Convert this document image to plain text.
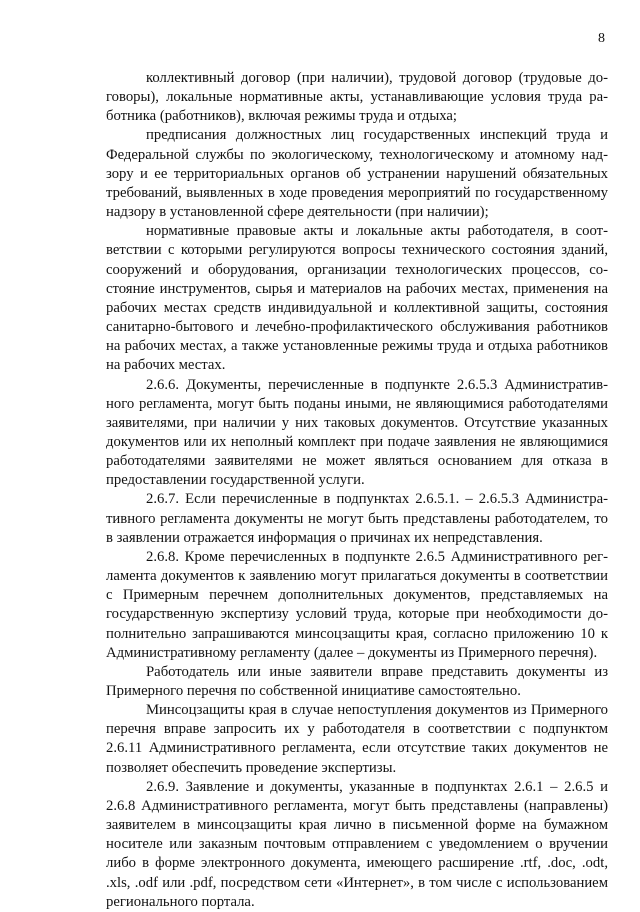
8

коллективный договор (при наличии), трудовой договор (трудовые договоры), локальные нормативные акты, устанавливающие условия труда работника (работников), включая режимы труда и отдыха;

предписания должностных лиц государственных инспекций труда и Федеральной службы по экологическому, технологическому и атомному надзору и ее территориальных органов об устранении нарушений обязательных требований, выявленных в ходе проведения мероприятий по государственному надзору в установленной сфере деятельности (при наличии);

нормативные правовые акты и локальные акты работодателя, в соответствии с которыми регулируются вопросы технического состояния зданий, сооружений и оборудования, организации технологических процессов, состояние инструментов, сырья и материалов на рабочих местах, применения на рабочих местах средств индивидуальной и коллективной защиты, состояния санитарно-бытового и лечебно-профилактического обслуживания работников на рабочих местах, а также установленные режимы труда и отдыха работников на рабочих местах.

2.6.6. Документы, перечисленные в подпункте 2.6.5.3 Административного регламента, могут быть поданы иными, не являющимися работодателями заявителями, при наличии у них таковых документов. Отсутствие указанных документов или их неполный комплект при подаче заявления не являющимися работодателями заявителями не может являться основанием для отказа в предоставлении государственной услуги.

2.6.7. Если перечисленные в подпунктах 2.6.5.1. – 2.6.5.3 Административного регламента документы не могут быть представлены работодателем, то в заявлении отражается информация о причинах их непредставления.

2.6.8. Кроме перечисленных в подпункте 2.6.5 Административного регламента документов к заявлению могут прилагаться документы в соответствии с Примерным перечнем дополнительных документов, представляемых на государственную экспертизу условий труда, которые при необходимости дополнительно запрашиваются минсоцзащиты края, согласно приложению 10 к Административному регламенту (далее – документы из Примерного перечня).

Работодатель или иные заявители вправе представить документы из Примерного перечня по собственной инициативе самостоятельно.

Минсоцзащиты края в случае непоступления документов из Примерного перечня вправе запросить их у работодателя в соответствии с подпунктом 2.6.11 Административного регламента, если отсутствие таких документов не позволяет обеспечить проведение экспертизы.

2.6.9. Заявление и документы, указанные в подпунктах 2.6.1 – 2.6.5 и 2.6.8 Административного регламента, могут быть представлены (направлены) заявителем в минсоцзащиты края лично в письменной форме на бумажном носителе или заказным почтовым отправлением с уведомлением о вручении либо в форме электронного документа, имеющего расширение .rtf, .doc, .odt, .xls, .odf или .pdf, посредством сети «Интернет», в том числе с использованием регионального портала.
